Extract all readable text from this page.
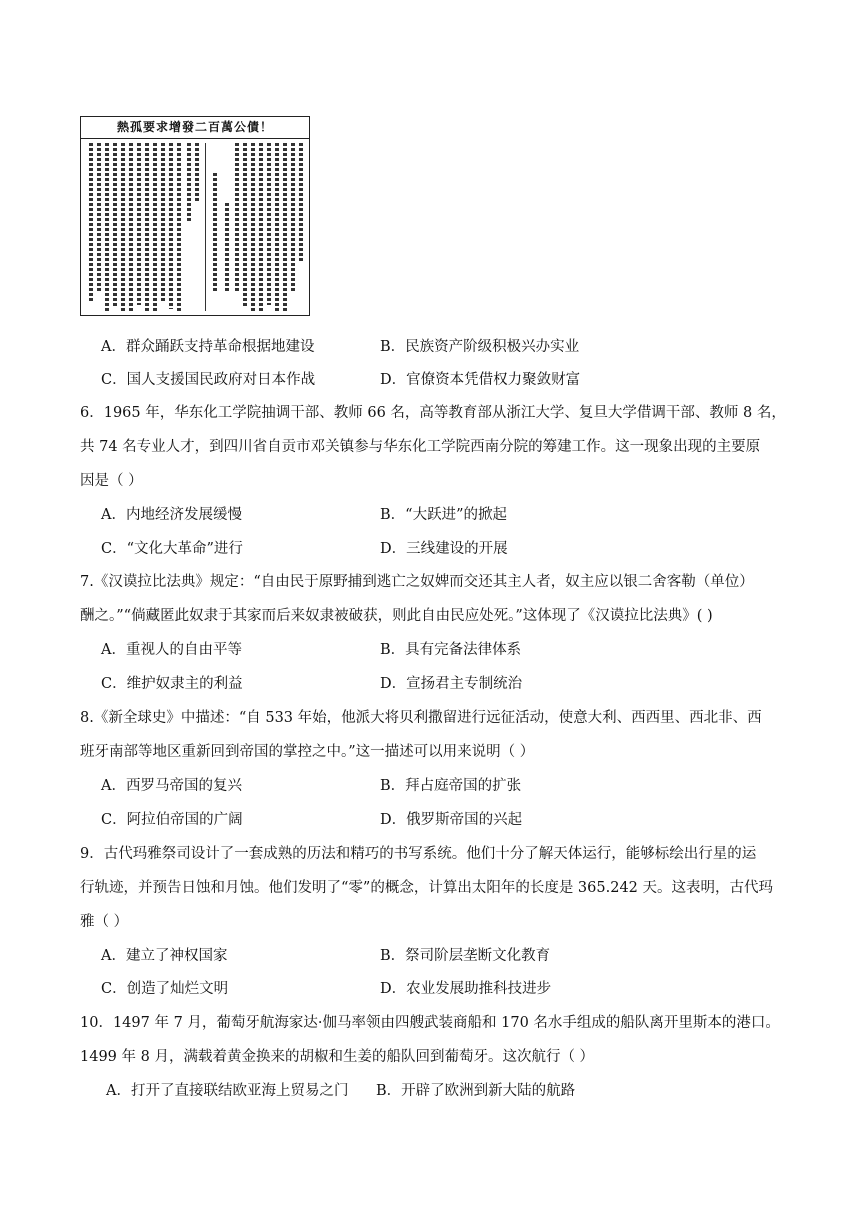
熱孤要求增發二百萬公債！
A．群众踊跃支持革命根据地建设	B．民族资产阶级积极兴办实业
C．国人支援国民政府对日本作战	D．官僚资本凭借权力聚敛财富
6．1965 年，华东化工学院抽调干部、教师 66 名，高等教育部从浙江大学、复旦大学借调干部、教师 8 名，
共 74 名专业人才，到四川省自贡市邓关镇参与华东化工学院西南分院的筹建工作。这一现象出现的主要原
因是（ ）
A．内地经济发展缓慢	B．“大跃进”的掀起
C．“文化大革命”进行	D．三线建设的开展
7.《汉谟拉比法典》规定：“自由民于原野捕到逃亡之奴婢而交还其主人者，奴主应以银二舍客勒（单位）
酬之。”“倘藏匿此奴隶于其家而后来奴隶被破获，则此自由民应处死。”这体现了《汉谟拉比法典》( )
A．重视人的自由平等	B．具有完备法律体系
C．维护奴隶主的利益	D．宣扬君主专制统治
8.《新全球史》中描述：“自 533 年始，他派大将贝利撒留进行远征活动，使意大利、西西里、西北非、西
班牙南部等地区重新回到帝国的掌控之中。”这一描述可以用来说明（ ）
A．西罗马帝国的复兴	B．拜占庭帝国的扩张
C．阿拉伯帝国的广阔	D．俄罗斯帝国的兴起
9．古代玛雅祭司设计了一套成熟的历法和精巧的书写系统。他们十分了解天体运行，能够标绘出行星的运
行轨迹，并预告日蚀和月蚀。他们发明了“零”的概念，计算出太阳年的长度是 365.242 天。这表明，古代玛
雅（ ）
A．建立了神权国家	B．祭司阶层垄断文化教育
C．创造了灿烂文明	D．农业发展助推科技进步
10．1497 年 7 月，葡萄牙航海家达·伽马率领由四艘武装商船和 170 名水手组成的船队离开里斯本的港口。
1499 年 8 月，满载着黄金换来的胡椒和生姜的船队回到葡萄牙。这次航行（ ）
A．打开了直接联结欧亚海上贸易之门 B．开辟了欧洲到新大陆的航路
